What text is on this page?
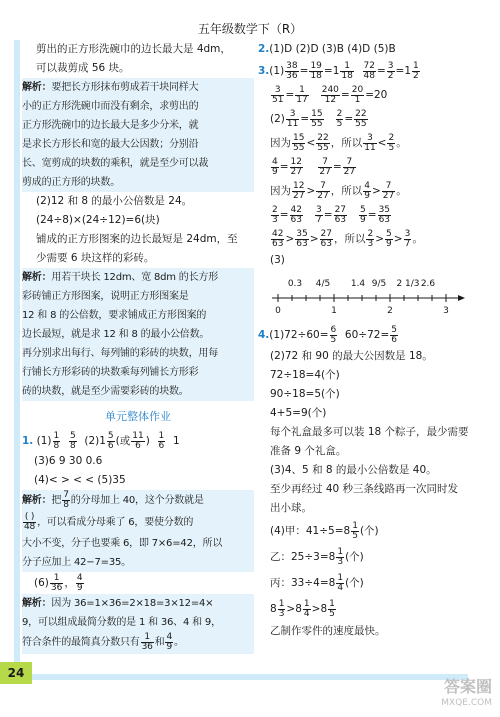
五年级数学下（R）
剪出的正方形洗碗巾的边长最大是 4dm，
可以裁剪成 56 块。
解析：要把长方形抹布剪成若干块同样大
小的正方形洗碗巾而没有剩余，求剪出的
正方形洗碗巾的边长最大是多少分米，就
是求长方形长和宽的最大公因数；分别沿
长、宽剪成的块数的乘积，就是至少可以裁
剪成的正方形的块数。
(2)12 和 8 的最小公倍数是 24。
(24÷8)×(24÷12)=6(块)
铺成的正方形图案的边长最短是 24dm，至
少需要 6 块这样的彩砖。
解析：用若干块长 12dm、宽 8dm 的长方形
彩砖铺正方形图案，说明正方形图案是
12 和 8 的公倍数，要求铺成正方形图案的
边长最短，就是求 12 和 8 的最小公倍数。
再分别求出每行、每列铺的彩砖的块数，用每
行铺长方形彩砖的块数乘每列铺长方形彩
砖的块数，就是至少需要彩砖的块数。
单元整体作业
1. $(1) \frac{1}{8}$
$\frac{5}{8} (2)1 \frac{5}{6}$ (或 $\frac{11}{6}$ ) $\frac{1}{6} 1$
(3)6 9 30 0.6
(4)< > < < (5)35
解析：把 $\frac{7}{8}$ 的分母加上 40，这个分数就是
$\frac{( )}{48}$ ，可以看成分母乘了 6，要使分数的
大小不变，分子也要乘 6，即 7×6=42，所以
分子应加上 42−7=35。
$(6) \frac{1}{36}$ ， $\frac{4}{9}$
解析：因为 36=1×36=2×18=3×12=4×
9，可以组成最简分数的是 1 和 36、4 和 9，
符合条件的最简真分数只有 $\frac{1}{36}$ 和 $\frac{4}{9}$ 。
2.(1)D (2)D (3)B (4)D (5)B
$3.(1) \frac{38}{36} = \frac{19}{18} =1 \frac{1}{18}$
$\frac{72}{48} = \frac{3}{2} =1 \frac{1}{2}$
$\frac{3}{51} = \frac{1}{17}$
$\frac{240}{12} = \frac{20}{1} =20$
$(2) \frac{3}{11} = \frac{15}{55}$
$\frac{2}{5} = \frac{22}{55}$
因为 $\frac{15}{55} < \frac{22}{55}$ ，所以 $\frac{3}{11} < \frac{2}{5}$ 。
$\frac{4}{9} = \frac{12}{27}$
$\frac{7}{27} = \frac{7}{27}$
因为 $\frac{12}{27} > \frac{7}{27}$ ，所以 $\frac{4}{9} > \frac{7}{27}$ 。
$\frac{2}{3} = \frac{42}{63}$
$\frac{3}{7} = \frac{27}{63}$
$\frac{5}{9} = \frac{35}{63}$
$\frac{42}{63} > \frac{35}{63} > \frac{27}{63}$ ，所以 $\frac{2}{3} > \frac{5}{9} > \frac{3}{7}$ 。
(3)
0.3 4/5 1.4 9/5 2 1/3 2.6
0	1	2	3
$4.(1)72\div 60= \frac{6}{5} 60\div 72= \frac{5}{6}$
(2)72 和 90 的最大公因数是 18。
72÷18=4(个)
90÷18=5(个)
4+5=9(个)
每个礼盒最多可以装 18 个粽子，最少需要
准备 9 个礼盒。
(3)4、5 和 8 的最小公倍数是 40。
至少再经过 40 秒三条线路再一次同时发
出小球。
(4)甲：$41\div 5=8 \frac{1}{5}$ (个)
乙：$25\div 3=8 \frac{1}{3}$ (个)
丙：$33\div 4=8 \frac{1}{4}$ (个)
$8 \frac{1}{3} >8 \frac{1}{4} >8 \frac{1}{5}$
乙制作零件的速度最快。
24
答案圈
MXQE.COM
